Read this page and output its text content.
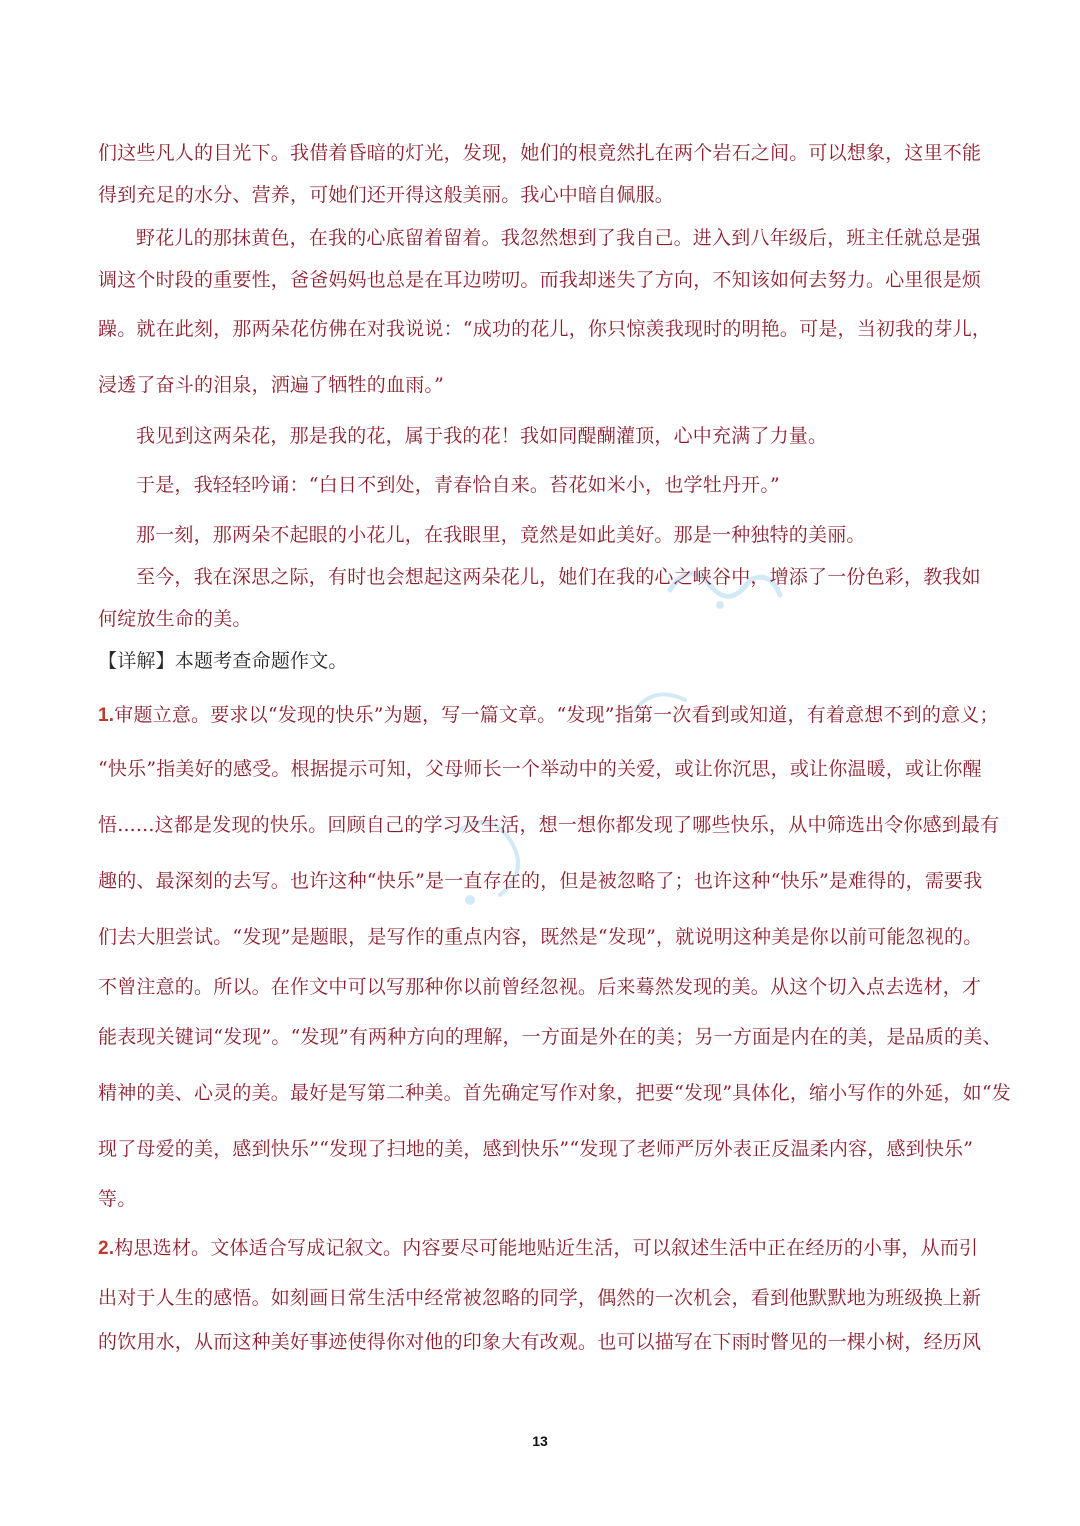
们这些凡人的目光下。我借着昏暗的灯光，发现，她们的根竟然扎在两个岩石之间。可以想象，这里不能
得到充足的水分、营养，可她们还开得这般美丽。我心中暗自佩服。
野花儿的那抹黄色，在我的心底留着留着。我忽然想到了我自己。进入到八年级后，班主任就总是强
调这个时段的重要性，爸爸妈妈也总是在耳边唠叨。而我却迷失了方向，不知该如何去努力。心里很是烦
躁。就在此刻，那两朵花仿佛在对我说说：“成功的花儿，你只惊羡我现时的明艳。可是，当初我的芽儿，
浸透了奋斗的泪泉，洒遍了牺牲的血雨。”
我见到这两朵花，那是我的花，属于我的花！我如同醍醐灌顶，心中充满了力量。
于是，我轻轻吟诵：“白日不到处，青春恰自来。苔花如米小，也学牡丹开。”
那一刻，那两朵不起眼的小花儿，在我眼里，竟然是如此美好。那是一种独特的美丽。
至今，我在深思之际，有时也会想起这两朵花儿，她们在我的心之峡谷中，增添了一份色彩，教我如
何绽放生命的美。
【详解】本题考查命题作文。
1.审题立意。要求以“发现的快乐”为题，写一篇文章。“发现”指第一次看到或知道，有着意想不到的意义；
“快乐”指美好的感受。根据提示可知，父母师长一个举动中的关爱，或让你沉思，或让你温暖，或让你醒
悟......这都是发现的快乐。回顾自己的学习及生活，想一想你都发现了哪些快乐，从中筛选出令你感到最有
趣的、最深刻的去写。也许这种“快乐”是一直存在的，但是被忽略了；也许这种“快乐”是难得的，需要我
们去大胆尝试。“发现”是题眼，是写作的重点内容，既然是“发现”，就说明这种美是你以前可能忽视的。
不曾注意的。所以。在作文中可以写那种你以前曾经忽视。后来蓦然发现的美。从这个切入点去选材，才
能表现关键词“发现”。“发现”有两种方向的理解，一方面是外在的美；另一方面是内在的美，是品质的美、
精神的美、心灵的美。最好是写第二种美。首先确定写作对象，把要“发现”具体化，缩小写作的外延，如“发
现了母爱的美，感到快乐”“发现了扫地的美，感到快乐”“发现了老师严厉外表正反温柔内容，感到快乐”
等。
2.构思选材。文体适合写成记叙文。内容要尽可能地贴近生活，可以叙述生活中正在经历的小事，从而引
出对于人生的感悟。如刻画日常生活中经常被忽略的同学，偶然的一次机会，看到他默默地为班级换上新
的饮用水，从而这种美好事迹使得你对他的印象大有改观。也可以描写在下雨时瞥见的一棵小树，经历风
13
